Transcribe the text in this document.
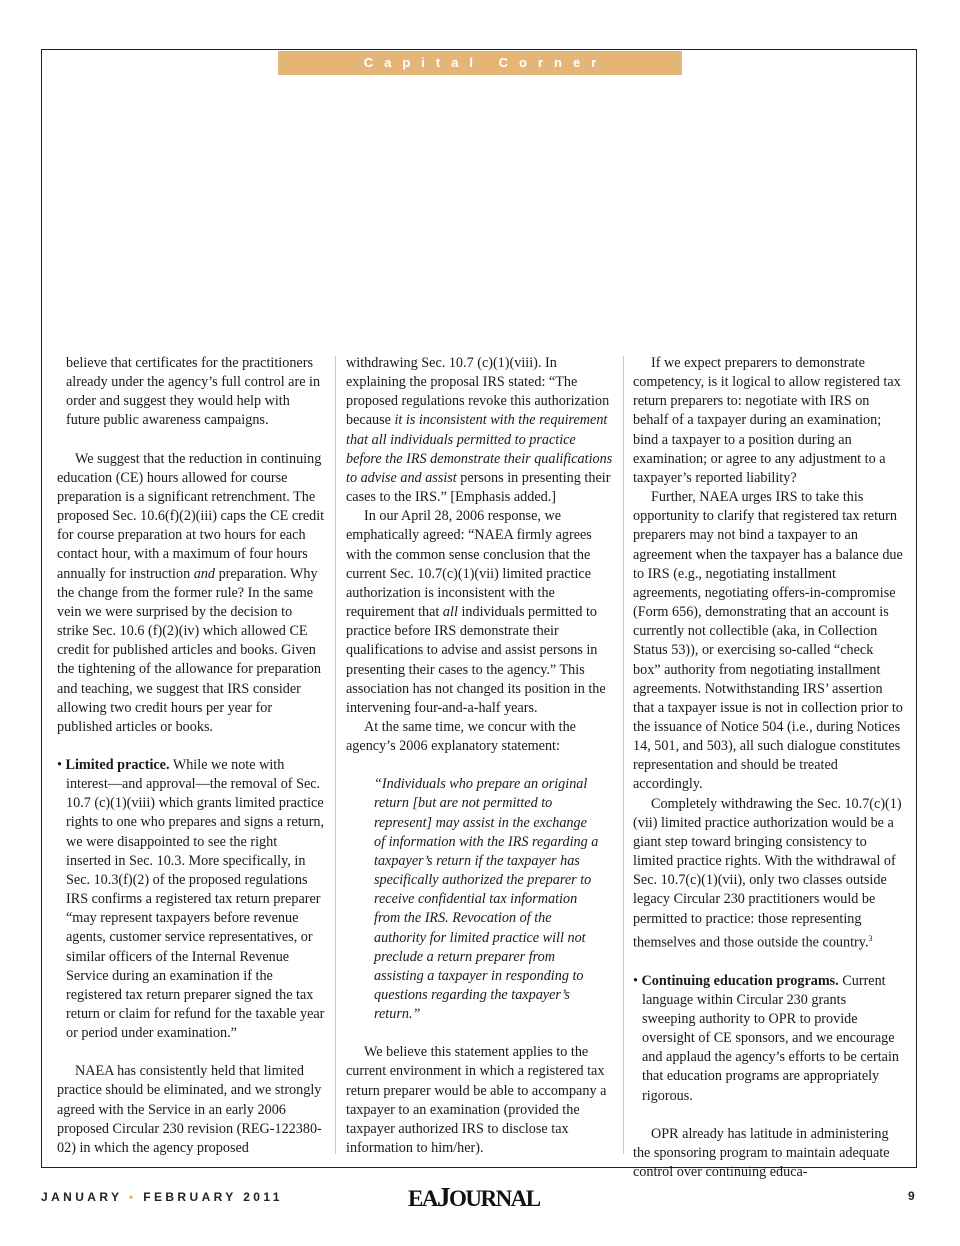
Capital Corner

believe that certificates for the practitioners already under the agency’s full control are in order and suggest they would help with future public awareness campaigns.

We suggest that the reduction in continuing education (CE) hours allowed for course preparation is a significant retrenchment. The proposed Sec. 10.6(f)(2)(iii) caps the CE credit for course preparation at two hours for each contact hour, with a maximum of four hours annually for instruction and preparation. Why the change from the former rule? In the same vein we were surprised by the decision to strike Sec. 10.6 (f)(2)(iv) which allowed CE credit for published articles and books. Given the tightening of the allowance for preparation and teaching, we suggest that IRS consider allowing two credit hours per year for published articles or books.

• Limited practice. While we note with interest—and approval—the removal of Sec. 10.7 (c)(1)(viii) which grants limited practice rights to one who prepares and signs a return, we were disappointed to see the right inserted in Sec. 10.3. More specifically, in Sec. 10.3(f)(2) of the proposed regulations IRS confirms a registered tax return preparer “may represent taxpayers before revenue agents, customer service representatives, or similar officers of the Internal Revenue Service during an examination if the registered tax return preparer signed the tax return or claim for refund for the taxable year or period under examination.”

NAEA has consistently held that limited practice should be eliminated, and we strongly agreed with the Service in an early 2006 proposed Circular 230 revision (REG-122380-02) in which the agency proposed

withdrawing Sec. 10.7 (c)(1)(viii). In explaining the proposal IRS stated: “The proposed regulations revoke this authorization because it is inconsistent with the requirement that all individuals permitted to practice before the IRS demonstrate their qualifications to advise and assist persons in presenting their cases to the IRS.” [Emphasis added.]

In our April 28, 2006 response, we emphatically agreed: “NAEA firmly agrees with the common sense conclusion that the current Sec. 10.7(c)(1)(vii) limited practice authorization is inconsistent with the requirement that all individuals permitted to practice before IRS demonstrate their qualifications to advise and assist persons in presenting their cases to the agency.” This association has not changed its position in the intervening four-and-a-half years.

At the same time, we concur with the agency’s 2006 explanatory statement:

“Individuals who prepare an original return [but are not permitted to represent] may assist in the exchange of information with the IRS regarding a taxpayer’s return if the taxpayer has specifically authorized the preparer to receive confidential tax information from the IRS. Revocation of the authority for limited practice will not preclude a return preparer from assisting a taxpayer in responding to questions regarding the taxpayer’s return.”

We believe this statement applies to the current environment in which a registered tax return preparer would be able to accompany a taxpayer to an examination (provided the taxpayer authorized IRS to disclose tax information to him/her).

If we expect preparers to demonstrate competency, is it logical to allow registered tax return preparers to: negotiate with IRS on behalf of a taxpayer during an examination; bind a taxpayer to a position during an examination; or agree to any adjustment to a taxpayer’s reported liability?

Further, NAEA urges IRS to take this opportunity to clarify that registered tax return preparers may not bind a taxpayer to an agreement when the taxpayer has a balance due to IRS (e.g., negotiating installment agreements, negotiating offers-in-compromise (Form 656), demonstrating that an account is currently not collectible (aka, in Collection Status 53)), or exercising so-called “check box” authority from negotiating installment agreements. Notwithstanding IRS’ assertion that a taxpayer issue is not in collection prior to the issuance of Notice 504 (i.e., during Notices 14, 501, and 503), all such dialogue constitutes representation and should be treated accordingly.

Completely withdrawing the Sec. 10.7(c)(1)(vii) limited practice authorization would be a giant step toward bringing consistency to limited practice rights. With the withdrawal of Sec. 10.7(c)(1)(vii), only two classes outside legacy Circular 230 practitioners would be permitted to practice: those representing themselves and those outside the country.$^3$

• Continuing education programs. Current language within Circular 230 grants sweeping authority to OPR to provide oversight of CE sponsors, and we encourage and applaud the agency’s efforts to be certain that education programs are appropriately rigorous.

OPR already has latitude in administering the sponsoring program to maintain adequate control over continuing educa-

JANUARY • FEBRUARY 2011	EAJOURNAL	9
